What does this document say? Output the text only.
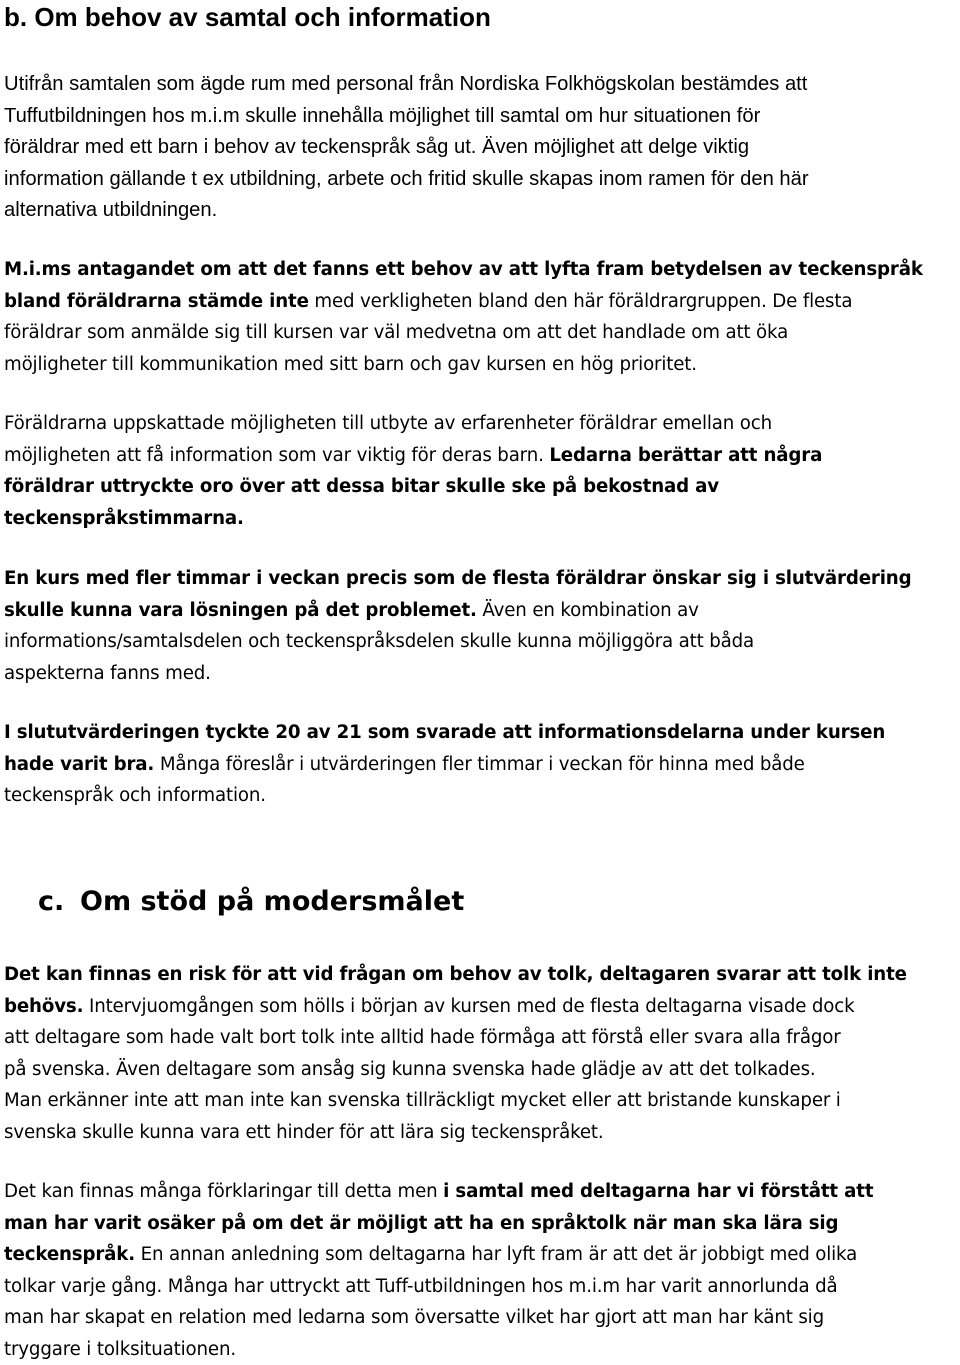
b. Om behov av samtal och information
Utifrån samtalen som ägde rum med personal från Nordiska Folkhögskolan bestämdes att
Tuffutbildningen hos m.i.m skulle innehålla möjlighet till samtal om hur situationen för
föräldrar med ett barn i behov av teckenspråk såg ut. Även möjlighet att delge viktig
information gällande t ex utbildning, arbete och fritid skulle skapas inom ramen för den här
alternativa utbildningen.
M.i.ms antagandet om att det fanns ett behov av att lyfta fram betydelsen av teckenspråk
bland föräldrarna stämde inte med verkligheten bland den här föräldrargruppen. De flesta
föräldrar som anmälde sig till kursen var väl medvetna om att det handlade om att öka
möjligheter till kommunikation med sitt barn och gav kursen en hög prioritet.
Föräldrarna uppskattade möjligheten till utbyte av erfarenheter föräldrar emellan och
möjligheten att få information som var viktig för deras barn. Ledarna berättar att några
föräldrar uttryckte oro över att dessa bitar skulle ske på bekostnad av
teckenspråkstimmarna.
En kurs med fler timmar i veckan precis som de flesta föräldrar önskar sig i slutvärdering
skulle kunna vara lösningen på det problemet. Även en kombination av
informations/samtalsdelen och teckenspråksdelen skulle kunna möjliggöra att båda
aspekterna fanns med.
I slututvärderingen tyckte 20 av 21 som svarade att informationsdelarna under kursen
hade varit bra. Många föreslår i utvärderingen fler timmar i veckan för hinna med både
teckenspråk och information.
c. Om stöd på modersmålet
Det kan finnas en risk för att vid frågan om behov av tolk, deltagaren svarar att tolk inte
behövs. Intervjuomgången som hölls i början av kursen med de flesta deltagarna visade dock
att deltagare som hade valt bort tolk inte alltid hade förmåga att förstå eller svara alla frågor
på svenska. Även deltagare som ansåg sig kunna svenska hade glädje av att det tolkades.
Man erkänner inte att man inte kan svenska tillräckligt mycket eller att bristande kunskaper i
svenska skulle kunna vara ett hinder för att lära sig teckenspråket.
Det kan finnas många förklaringar till detta men i samtal med deltagarna har vi förstått att
man har varit osäker på om det är möjligt att ha en språktolk när man ska lära sig
teckenspråk. En annan anledning som deltagarna har lyft fram är att det är jobbigt med olika
tolkar varje gång. Många har uttryckt att Tuff-utbildningen hos m.i.m har varit annorlunda då
man har skapat en relation med ledarna som översatte vilket har gjort att man har känt sig
tryggare i tolksituationen.
